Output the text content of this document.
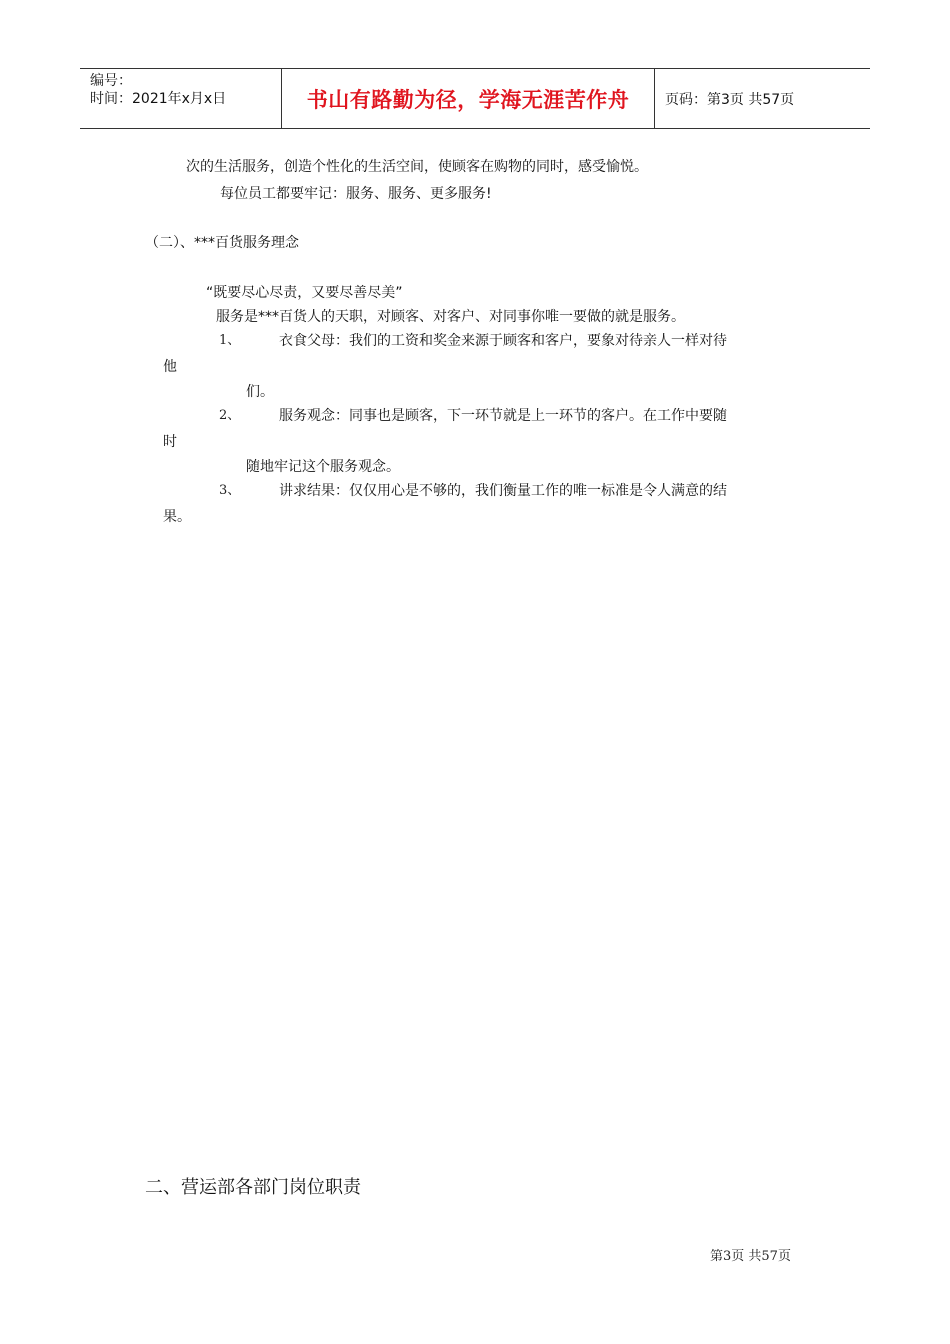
编号：
时间：2021年x月x日	书山有路勤为径，学海无涯苦作舟	页码：第3页 共57页
次的生活服务，创造个性化的生活空间，使顾客在购物的同时，感受愉悦。
每位员工都要牢记：服务、服务、更多服务!
（二）、***百货服务理念
“既要尽心尽责，又要尽善尽美”
服务是***百货人的天职，对顾客、对客户、对同事你唯一要做的就是服务。
1、	衣食父母：我们的工资和奖金来源于顾客和客户，要象对待亲人一样对待
他
们。
2、	服务观念：同事也是顾客，下一环节就是上一环节的客户。在工作中要随
时
随地牢记这个服务观念。
3、	讲求结果：仅仅用心是不够的，我们衡量工作的唯一标准是令人满意的结
果。
二、营运部各部门岗位职责
第3页 共57页
